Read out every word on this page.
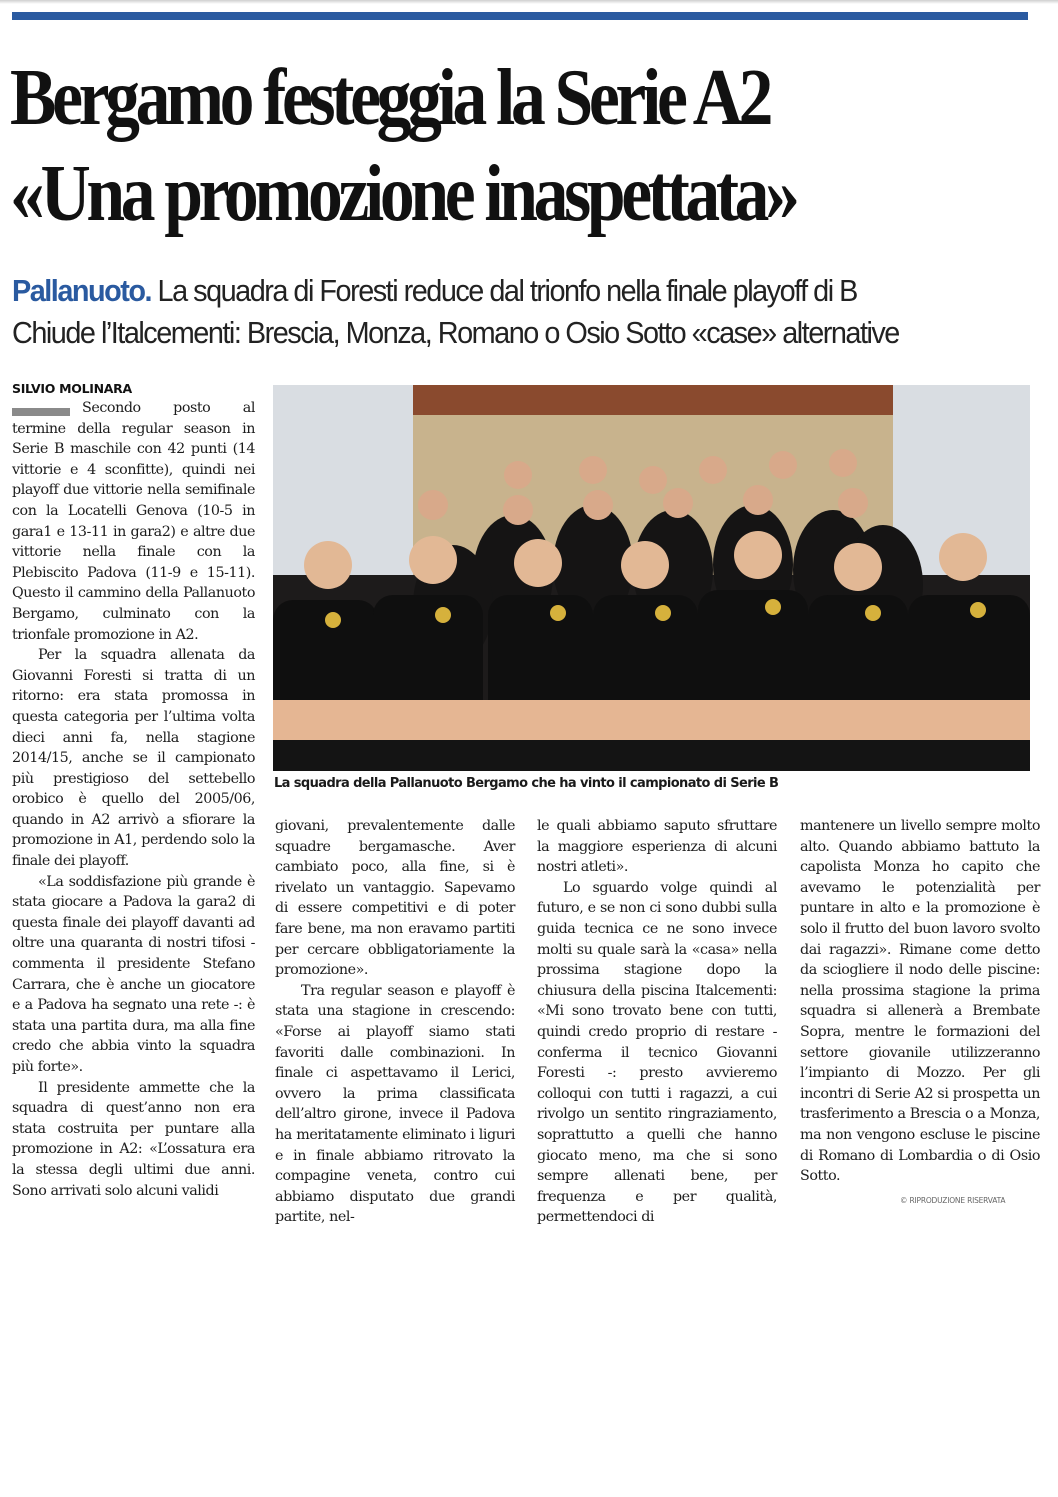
Bergamo festeggia la Serie A2
«Una promozione inaspettata»
Pallanuoto. La squadra di Foresti reduce dal trionfo nella finale playoff di B
Chiude l’Italcementi: Brescia, Monza, Romano o Osio Sotto «case» alternative
SILVIO MOLINARA

Secondo posto al termine della regular season in Serie B maschile con 42 punti (14 vittorie e 4 sconfitte), quindi nei playoff due vittorie nella semifinale con la Locatelli Genova (10-5 in gara1 e 13-11 in gara2) e altre due vittorie nella finale con la Plebiscito Padova (11-9 e 15-11). Questo il cammino della Pallanuoto Bergamo, culminato con la trionfale promozione in A2.

Per la squadra allenata da Giovanni Foresti si tratta di un ritorno: era stata promossa in questa categoria per l’ultima volta dieci anni fa, nella stagione 2014/15, anche se il campionato più prestigioso del settebello orobico è quello del 2005/06, quando in A2 arrivò a sfiorare la promozione in A1, perdendo solo la finale dei playoff.

«La soddisfazione più grande è stata giocare a Padova la gara2 di questa finale dei playoff davanti ad oltre una quaranta di nostri tifosi - commenta il presidente Stefano Carrara, che è anche un giocatore e a Padova ha segnato una rete -: è stata una partita dura, ma alla fine credo che abbia vinto la squadra più forte».

Il presidente ammette che la squadra di quest’anno non era stata costruita per puntare alla promozione in A2: «L’ossatura era la stessa degli ultimi due anni. Sono arrivati solo alcuni validi

La squadra della Pallanuoto Bergamo che ha vinto il campionato di Serie B

giovani, prevalentemente dalle squadre bergamasche. Aver cambiato poco, alla fine, si è rivelato un vantaggio. Sapevamo di essere competitivi e di poter fare bene, ma non eravamo partiti per cercare obbligatoriamente la promozione».

Tra regular season e playoff è stata una stagione in crescendo: «Forse ai playoff siamo stati favoriti dalle combinazioni. In finale ci aspettavamo il Lerici, ovvero la prima classificata dell’altro girone, invece il Padova ha meritatamente eliminato i liguri e in finale abbiamo ritrovato la compagine veneta, contro cui abbiamo disputato due grandi partite, nel-

le quali abbiamo saputo sfruttare la maggiore esperienza di alcuni nostri atleti».

Lo sguardo volge quindi al futuro, e se non ci sono dubbi sulla guida tecnica ce ne sono invece molti su quale sarà la «casa» nella prossima stagione dopo la chiusura della piscina Italcementi: «Mi sono trovato bene con tutti, quindi credo proprio di restare - conferma il tecnico Giovanni Foresti -: presto avvieremo colloqui con tutti i ragazzi, a cui rivolgo un sentito ringraziamento, soprattutto a quelli che hanno giocato meno, ma che si sono sempre allenati bene, per frequenza e per qualità, permettendoci di

mantenere un livello sempre molto alto. Quando abbiamo battuto la capolista Monza ho capito che avevamo le potenzialità per puntare in alto e la promozione è solo il frutto del buon lavoro svolto dai ragazzi». Rimane come detto da sciogliere il nodo delle piscine: nella prossima stagione la prima squadra si allenerà a Brembate Sopra, mentre le formazioni del settore giovanile utilizzeranno l’impianto di Mozzo. Per gli incontri di Serie A2 si prospetta un trasferimento a Brescia o a Monza, ma non vengono escluse le piscine di Romano di Lombardia o di Osio Sotto.

© RIPRODUZIONE RISERVATA
